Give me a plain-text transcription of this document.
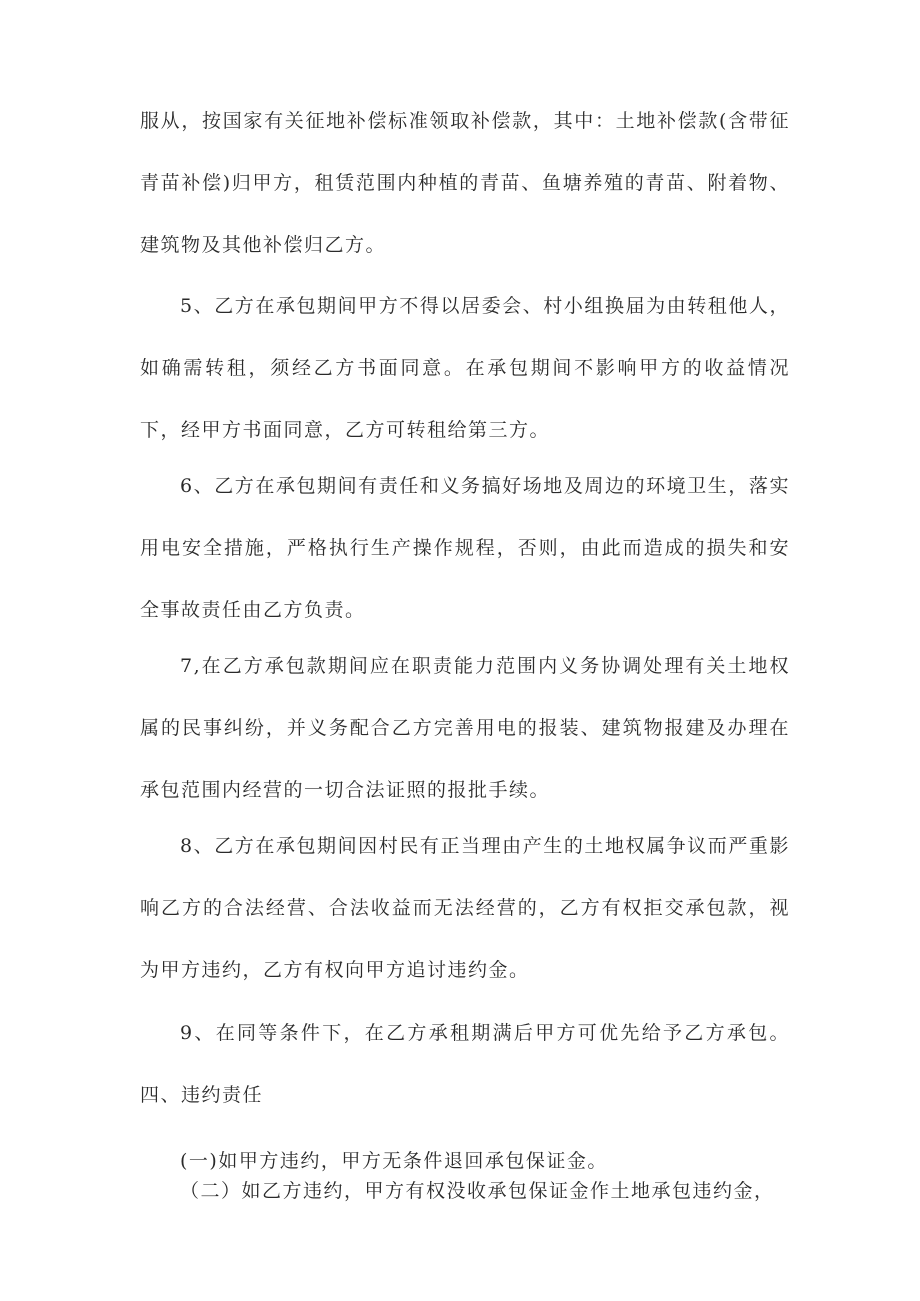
服从，按国家有关征地补偿标准领取补偿款，其中：土地补偿款(含带征青苗补偿)归甲方，租赁范围内种植的青苗、鱼塘养殖的青苗、附着物、建筑物及其他补偿归乙方。

5、乙方在承包期间甲方不得以居委会、村小组换届为由转租他人，如确需转租，须经乙方书面同意。在承包期间不影响甲方的收益情况下，经甲方书面同意，乙方可转租给第三方。

6、乙方在承包期间有责任和义务搞好场地及周边的环境卫生，落实用电安全措施，严格执行生产操作规程，否则，由此而造成的损失和安全事故责任由乙方负责。

7,在乙方承包款期间应在职责能力范围内义务协调处理有关土地权属的民事纠纷，并义务配合乙方完善用电的报装、建筑物报建及办理在承包范围内经营的一切合法证照的报批手续。

8、乙方在承包期间因村民有正当理由产生的土地权属争议而严重影响乙方的合法经营、合法收益而无法经营的，乙方有权拒交承包款，视为甲方违约，乙方有权向甲方追讨违约金。

9、在同等条件下，在乙方承租期满后甲方可优先给予乙方承包。四、违约责任

(一)如甲方违约，甲方无条件退回承包保证金。

（二）如乙方违约，甲方有权没收承包保证金作土地承包违约金，
